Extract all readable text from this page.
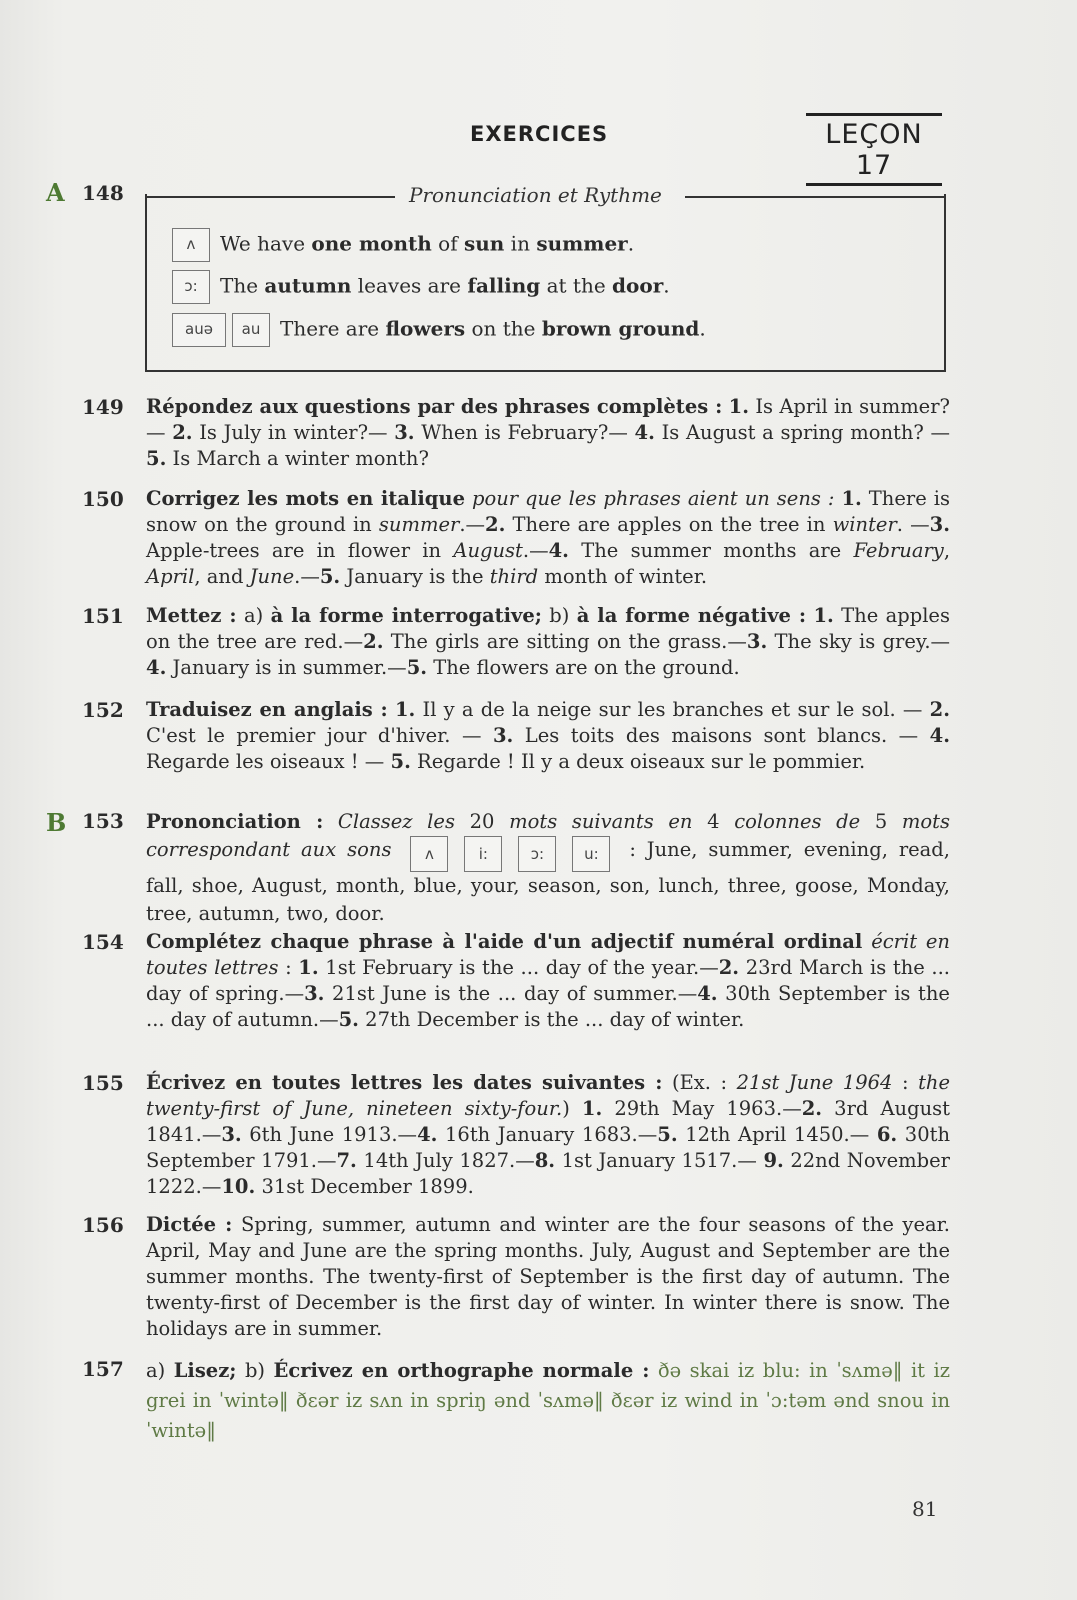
EXERCICES	LEÇON 17
A 148	Pronunciation et Rythme
ʌ We have one month of sun in summer.
ɔ: The autumn leaves are falling at the door.
auə au There are flowers on the brown ground.
149	Répondez aux questions par des phrases complètes : 1. Is April in summer?— 2. Is July in winter?— 3. When is February?— 4. Is August a spring month? — 5. Is March a winter month?
150	Corrigez les mots en italique pour que les phrases aient un sens : 1. There is snow on the ground in summer.—2. There are apples on the tree in winter. —3. Apple-trees are in flower in August.—4. The summer months are February, April, and June.—5. January is the third month of winter.
151	Mettez : a) à la forme interrogative; b) à la forme négative : 1. The apples on the tree are red.—2. The girls are sitting on the grass.—3. The sky is grey.—4. January is in summer.—5. The flowers are on the ground.
152	Traduisez en anglais : 1. Il y a de la neige sur les branches et sur le sol. — 2. C'est le premier jour d'hiver. — 3. Les toits des maisons sont blancs. — 4. Regarde les oiseaux ! — 5. Regarde ! Il y a deux oiseaux sur le pommier.
B 153	Prononciation : Classez les 20 mots suivants en 4 colonnes de 5 mots correspondant aux sons ʌ	i:	ɔ:	u: : June, summer, evening, read, fall, shoe, August, month, blue, your, season, son, lunch, three, goose, Monday, tree, autumn, two, door.
154	Complétez chaque phrase à l'aide d'un adjectif numéral ordinal écrit en toutes lettres : 1. 1st February is the ... day of the year.—2. 23rd March is the ... day of spring.—3. 21st June is the ... day of summer.—4. 30th September is the ... day of autumn.—5. 27th December is the ... day of winter.
155	Écrivez en toutes lettres les dates suivantes : (Ex. : 21st June 1964 : the twenty-first of June, nineteen sixty-four.) 1. 29th May 1963.—2. 3rd August 1841.—3. 6th June 1913.—4. 16th January 1683.—5. 12th April 1450.— 6. 30th September 1791.—7. 14th July 1827.—8. 1st January 1517.— 9. 22nd November 1222.—10. 31st December 1899.
156	Dictée : Spring, summer, autumn and winter are the four seasons of the year. April, May and June are the spring months. July, August and September are the summer months. The twenty-first of September is the first day of autumn. The twenty-first of December is the first day of winter. In winter there is snow. The holidays are in summer.
157	a) Lisez; b) Écrivez en orthographe normale : ðə skai iz blu: in ˈsʌmə‖ it iz grei in ˈwintə‖ ðɛər iz sʌn in spriŋ ənd ˈsʌmə‖ ðɛər iz wind in ˈɔ:təm ənd snou in ˈwintə‖
81
